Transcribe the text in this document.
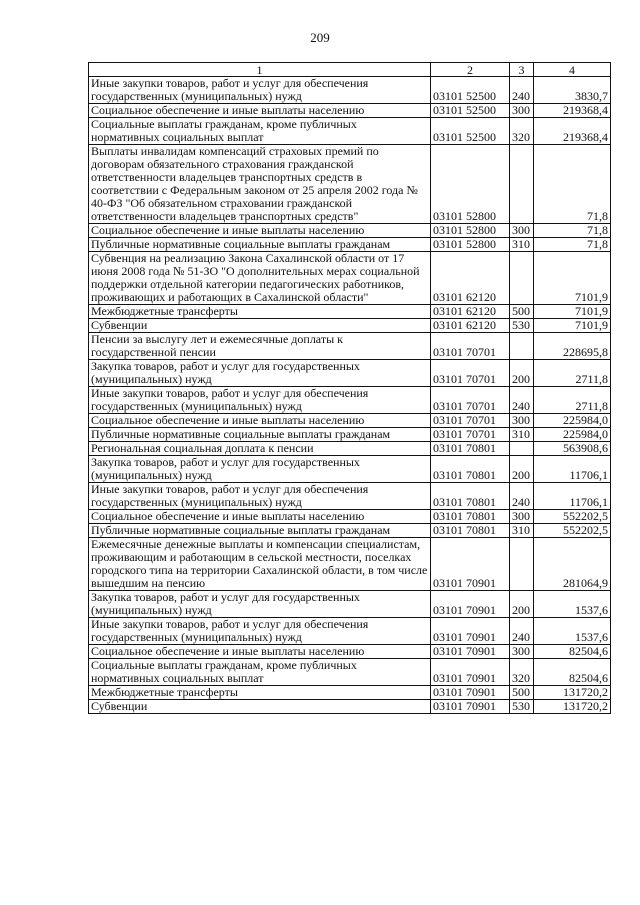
209
1	2	3	4
Иные закупки товаров, работ и услуг для обеспечения государственных (муниципальных) нужд	03101 52500	240	3830,7
Социальное обеспечение и иные выплаты населению	03101 52500	300	219368,4
Социальные выплаты гражданам, кроме публичных нормативных социальных выплат	03101 52500	320	219368,4
Выплаты инвалидам компенсаций страховых премий по договорам обязательного страхования гражданской ответственности владельцев транспортных средств в соответствии с Федеральным законом от 25 апреля 2002 года № 40-ФЗ "Об обязательном страховании гражданской ответственности владельцев транспортных средств"	03101 52800		71,8
Социальное обеспечение и иные выплаты населению	03101 52800	300	71,8
Публичные нормативные социальные выплаты гражданам	03101 52800	310	71,8
Субвенция на реализацию Закона Сахалинской области от 17 июня 2008 года № 51-ЗО "О дополнительных мерах социальной поддержки отдельной категории педагогических работников, проживающих и работающих в Сахалинской области"	03101 62120		7101,9
Межбюджетные трансферты	03101 62120	500	7101,9
Субвенции	03101 62120	530	7101,9
Пенсии за выслугу лет и ежемесячные доплаты к государственной пенсии	03101 70701		228695,8
Закупка товаров, работ и услуг для государственных (муниципальных) нужд	03101 70701	200	2711,8
Иные закупки товаров, работ и услуг для обеспечения государственных (муниципальных) нужд	03101 70701	240	2711,8
Социальное обеспечение и иные выплаты населению	03101 70701	300	225984,0
Публичные нормативные социальные выплаты гражданам	03101 70701	310	225984,0
Региональная социальная доплата к пенсии	03101 70801		563908,6
Закупка товаров, работ и услуг для государственных (муниципальных) нужд	03101 70801	200	11706,1
Иные закупки товаров, работ и услуг для обеспечения государственных (муниципальных) нужд	03101 70801	240	11706,1
Социальное обеспечение и иные выплаты населению	03101 70801	300	552202,5
Публичные нормативные социальные выплаты гражданам	03101 70801	310	552202,5
Ежемесячные денежные выплаты и компенсации специалистам, проживающим и работающим в сельской местности, поселках городского типа на территории Сахалинской области, в том числе вышедшим на пенсию	03101 70901		281064,9
Закупка товаров, работ и услуг для государственных (муниципальных) нужд	03101 70901	200	1537,6
Иные закупки товаров, работ и услуг для обеспечения государственных (муниципальных) нужд	03101 70901	240	1537,6
Социальное обеспечение и иные выплаты населению	03101 70901	300	82504,6
Социальные выплаты гражданам, кроме публичных нормативных социальных выплат	03101 70901	320	82504,6
Межбюджетные трансферты	03101 70901	500	131720,2
Субвенции	03101 70901	530	131720,2
